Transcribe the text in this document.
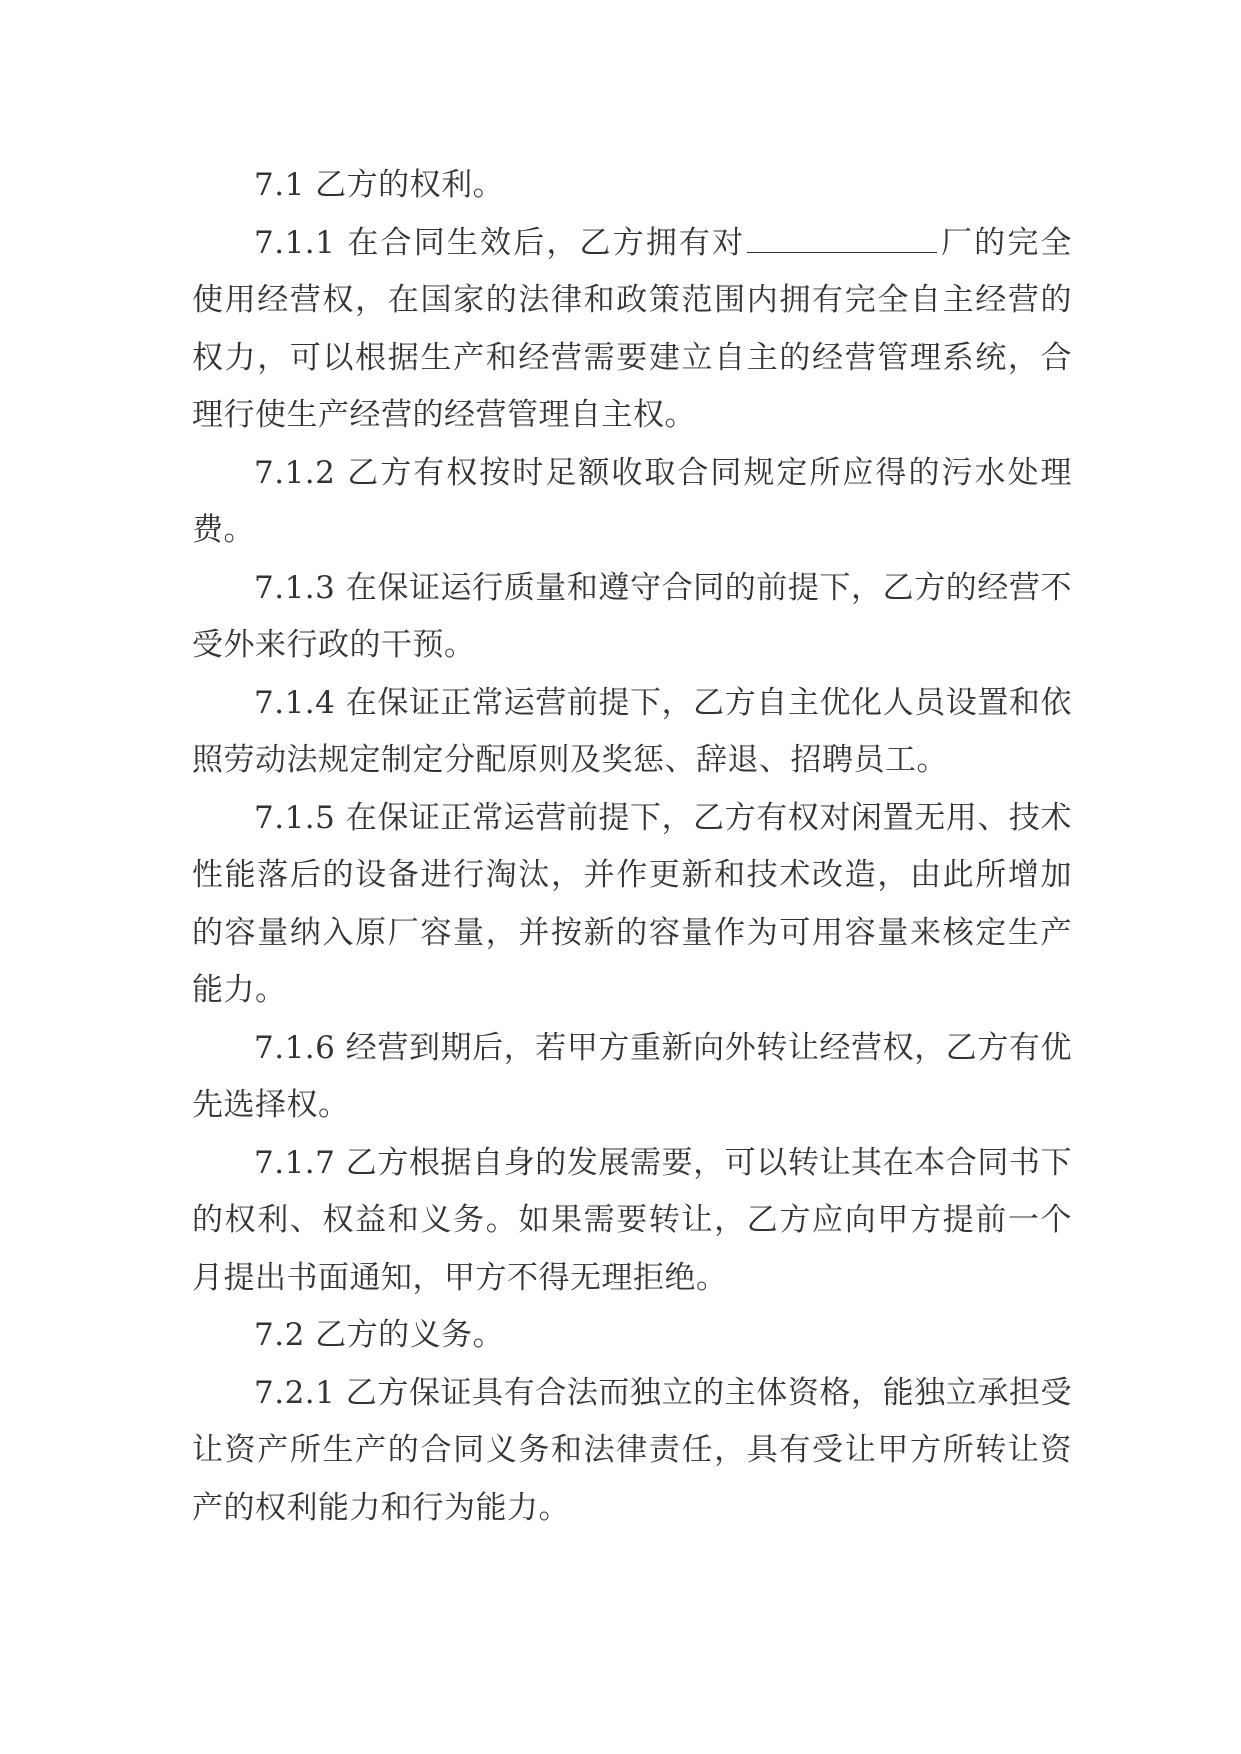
7.1 乙方的权利。

7.1.1 在合同生效后，乙方拥有对	厂的完全使用经营权，在国家的法律和政策范围内拥有完全自主经营的权力，可以根据生产和经营需要建立自主的经营管理系统，合理行使生产经营的经营管理自主权。

7.1.2 乙方有权按时足额收取合同规定所应得的污水处理费。

7.1.3 在保证运行质量和遵守合同的前提下，乙方的经营不受外来行政的干预。

7.1.4 在保证正常运营前提下，乙方自主优化人员设置和依照劳动法规定制定分配原则及奖惩、辞退、招聘员工。

7.1.5 在保证正常运营前提下，乙方有权对闲置无用、技术性能落后的设备进行淘汰，并作更新和技术改造，由此所增加的容量纳入原厂容量，并按新的容量作为可用容量来核定生产能力。

7.1.6 经营到期后，若甲方重新向外转让经营权，乙方有优先选择权。

7.1.7 乙方根据自身的发展需要，可以转让其在本合同书下的权利、权益和义务。如果需要转让，乙方应向甲方提前一个月提出书面通知，甲方不得无理拒绝。

7.2 乙方的义务。

7.2.1 乙方保证具有合法而独立的主体资格，能独立承担受让资产所生产的合同义务和法律责任，具有受让甲方所转让资产的权利能力和行为能力。
